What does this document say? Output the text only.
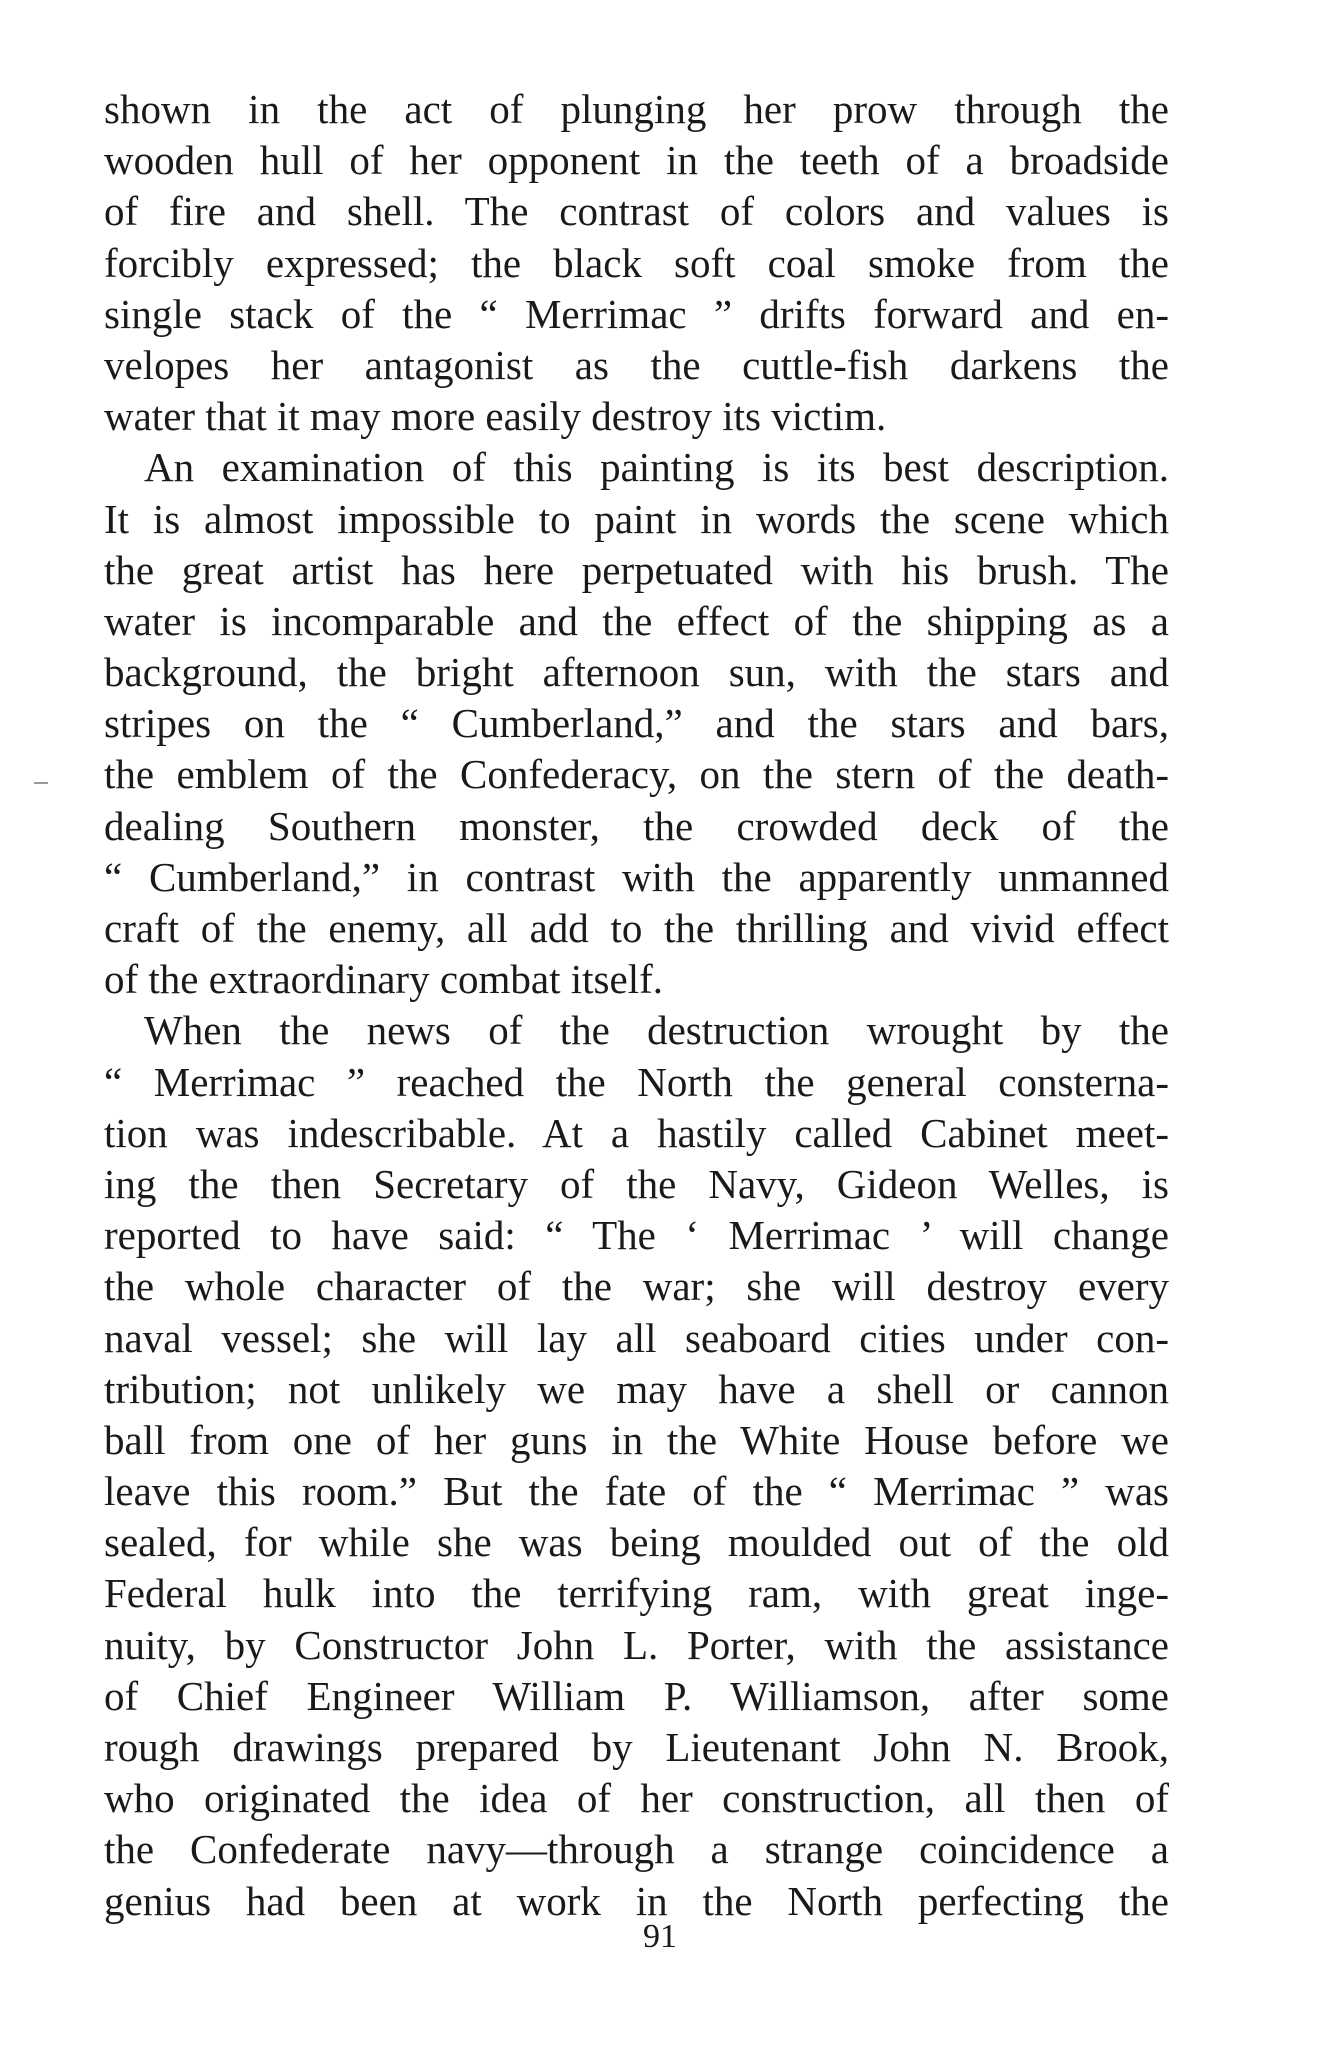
shown in the act of plunging her prow through the
wooden hull of her opponent in the teeth of a broadside
of fire and shell. The contrast of colors and values is
forcibly expressed; the black soft coal smoke from the
single stack of the “ Merrimac ” drifts forward and en-
velopes her antagonist as the cuttle-fish darkens the
water that it may more easily destroy its victim.
An examination of this painting is its best description.
It is almost impossible to paint in words the scene which
the great artist has here perpetuated with his brush. The
water is incomparable and the effect of the shipping as a
background, the bright afternoon sun, with the stars and
stripes on the “ Cumberland,” and the stars and bars,
the emblem of the Confederacy, on the stern of the death-
dealing Southern monster, the crowded deck of the
“ Cumberland,” in contrast with the apparently unmanned
craft of the enemy, all add to the thrilling and vivid effect
of the extraordinary combat itself.
When the news of the destruction wrought by the
“ Merrimac ” reached the North the general consterna-
tion was indescribable. At a hastily called Cabinet meet-
ing the then Secretary of the Navy, Gideon Welles, is
reported to have said: “ The ‘ Merrimac ’ will change
the whole character of the war; she will destroy every
naval vessel; she will lay all seaboard cities under con-
tribution; not unlikely we may have a shell or cannon
ball from one of her guns in the White House before we
leave this room.” But the fate of the “ Merrimac ” was
sealed, for while she was being moulded out of the old
Federal hulk into the terrifying ram, with great inge-
nuity, by Constructor John L. Porter, with the assistance
of Chief Engineer William P. Williamson, after some
rough drawings prepared by Lieutenant John N. Brook,
who originated the idea of her construction, all then of
the Confederate navy—through a strange coincidence a
genius had been at work in the North perfecting the
91
